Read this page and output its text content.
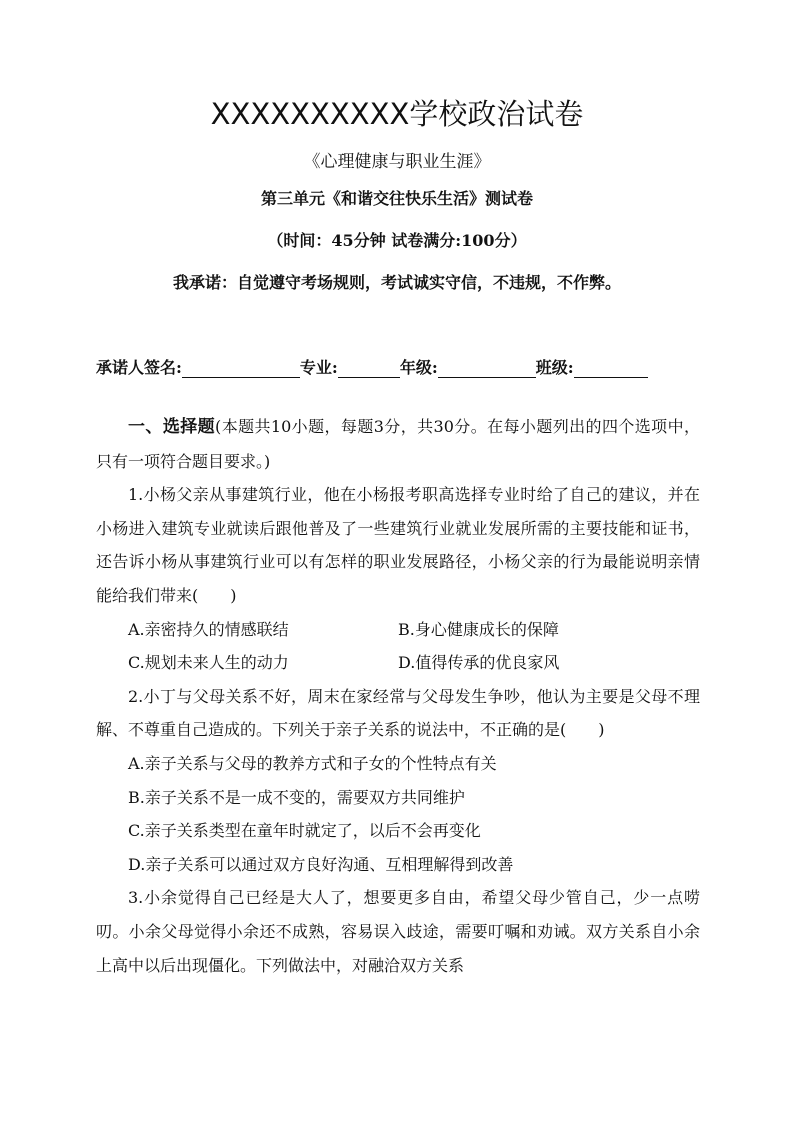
XXXXXXXXXX学校政治试卷
《心理健康与职业生涯》
第三单元《和谐交往快乐生活》测试卷
（时间：45分钟 试卷满分:100分）
我承诺：自觉遵守考场规则，考试诚实守信，不违规，不作弊。
承诺人签名:	专业:	年级:	班级:

一、选择题(本题共10小题，每题3分，共30分。在每小题列出的四个选项中，只有一项符合题目要求。)

1.小杨父亲从事建筑行业，他在小杨报考职高选择专业时给了自己的建议，并在小杨进入建筑专业就读后跟他普及了一些建筑行业就业发展所需的主要技能和证书，还告诉小杨从事建筑行业可以有怎样的职业发展路径，小杨父亲的行为最能说明亲情能给我们带来(　　)

A.亲密持久的情感联结	B.身心健康成长的保障
C.规划未来人生的动力	D.值得传承的优良家风

2.小丁与父母关系不好，周末在家经常与父母发生争吵，他认为主要是父母不理解、不尊重自己造成的。下列关于亲子关系的说法中，不正确的是(　　)

A.亲子关系与父母的教养方式和子女的个性特点有关
B.亲子关系不是一成不变的，需要双方共同维护
C.亲子关系类型在童年时就定了，以后不会再变化
D.亲子关系可以通过双方良好沟通、互相理解得到改善

3.小余觉得自己已经是大人了，想要更多自由，希望父母少管自己，少一点唠叨。小余父母觉得小余还不成熟，容易误入歧途，需要叮嘱和劝诫。双方关系自小余上高中以后出现僵化。下列做法中，对融洽双方关系
